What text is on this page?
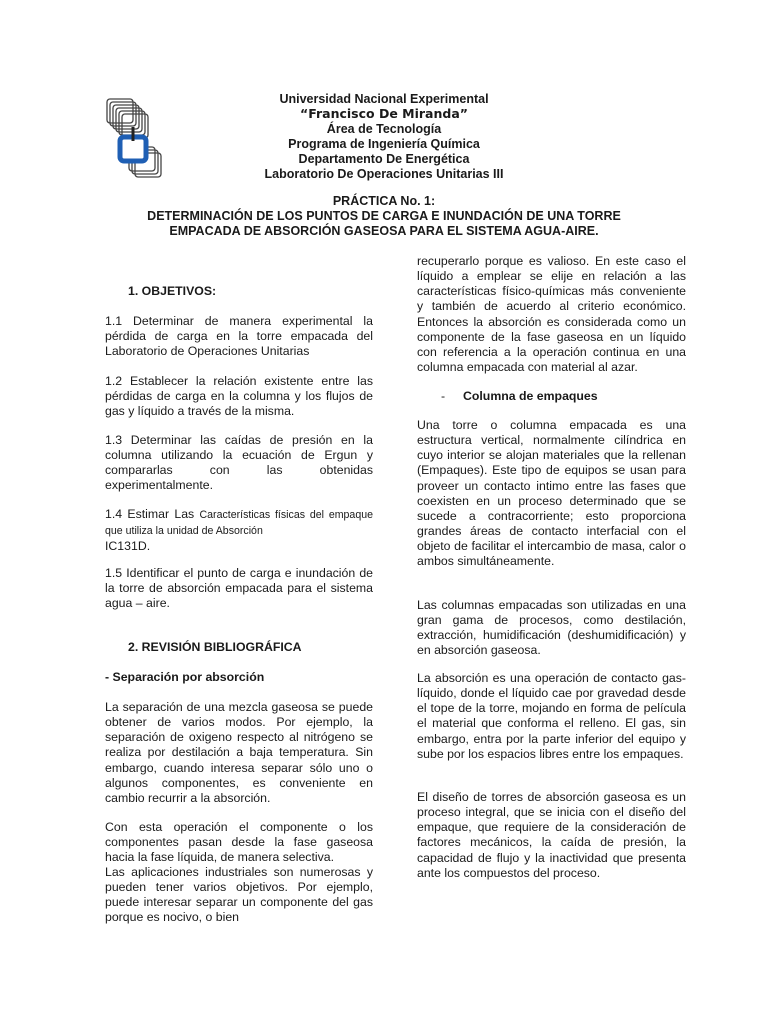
Universidad Nacional Experimental
“Francisco De Miranda”
Área de Tecnología
Programa de Ingeniería Química
Departamento De Energética
Laboratorio De Operaciones Unitarias III
PRÁCTICA No. 1:
DETERMINACIÓN DE LOS PUNTOS DE CARGA E INUNDACIÓN DE UNA TORRE
EMPACADA DE ABSORCIÓN GASEOSA PARA EL SISTEMA AGUA-AIRE.

1. OBJETIVOS:

1.1 Determinar de manera experimental la pérdida de carga en la torre empacada del Laboratorio de Operaciones Unitarias

1.2 Establecer la relación existente entre las pérdidas de carga en la columna y los flujos de gas y líquido a través de la misma.

1.3 Determinar las caídas de presión en la columna utilizando la ecuación de Ergun y compararlas con las obtenidas experimentalmente.

1.4 Estimar Las Características físicas del empaque que utiliza la unidad de Absorción
IC131D.

1.5 Identificar el punto de carga e inundación de la torre de absorción empacada para el sistema agua – aire.

2. REVISIÓN BIBLIOGRÁFICA

- Separación por absorción

La separación de una mezcla gaseosa se puede obtener de varios modos. Por ejemplo, la separación de oxigeno respecto al nitrógeno se realiza por destilación a baja temperatura. Sin embargo, cuando interesa separar sólo uno o algunos componentes, es conveniente en cambio recurrir a la absorción.

Con esta operación el componente o los componentes pasan desde la fase gaseosa hacia la fase líquida, de manera selectiva.

Las aplicaciones industriales son numerosas y pueden tener varios objetivos. Por ejemplo, puede interesar separar un componente del gas porque es nocivo, o bien

recuperarlo porque es valioso. En este caso el líquido a emplear se elije en relación a las características físico-químicas más conveniente y también de acuerdo al criterio económico. Entonces la absorción es considerada como un componente de la fase gaseosa en un líquido con referencia a la operación continua en una columna empacada con material al azar.

- Columna de empaques

Una torre o columna empacada es una estructura vertical, normalmente cilíndrica en cuyo interior se alojan materiales que la rellenan (Empaques). Este tipo de equipos se usan para proveer un contacto intimo entre las fases que coexisten en un proceso determinado que se sucede a contracorriente; esto proporciona grandes áreas de contacto interfacial con el objeto de facilitar el intercambio de masa, calor o ambos simultáneamente.

Las columnas empacadas son utilizadas en una gran gama de procesos, como destilación, extracción, humidificación (deshumidificación) y en absorción gaseosa.

La absorción es una operación de contacto gas-líquido, donde el líquido cae por gravedad desde el tope de la torre, mojando en forma de película el material que conforma el relleno. El gas, sin embargo, entra por la parte inferior del equipo y sube por los espacios libres entre los empaques.

El diseño de torres de absorción gaseosa es un proceso integral, que se inicia con el diseño del empaque, que requiere de la consideración de factores mecánicos, la caída de presión, la capacidad de flujo y la inactividad que presenta ante los compuestos del proceso.
